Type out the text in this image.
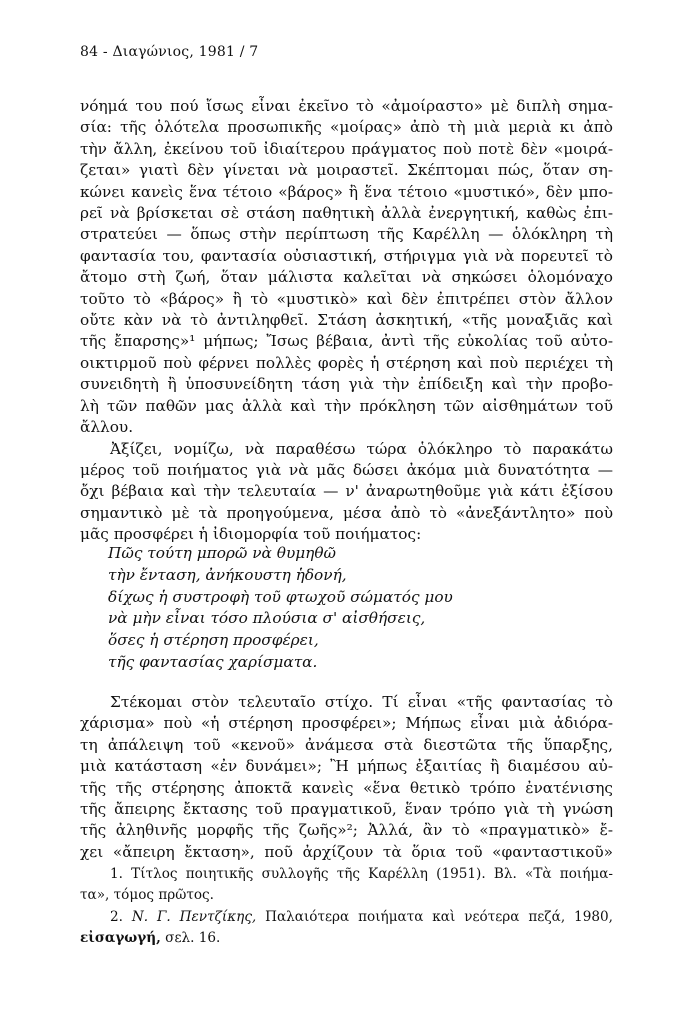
84 - Διαγώνιος, 1981 / 7
νόημά του πού ἴσως εἶναι ἐκεῖνο τὸ «ἀμοίραστο» μὲ διπλὴ σημα-
σία: τῆς ὁλότελα προσωπικῆς «μοίρας» ἀπὸ τὴ μιὰ μεριὰ κι ἀπὸ
τὴν ἄλλη, ἐκείνου τοῦ ἰδιαίτερου πράγματος ποὺ ποτὲ δὲν «μοιρά-
ζεται» γιατὶ δὲν γίνεται νὰ μοιραστεῖ. Σκέπτομαι πώς, ὅταν ση-
κώνει κανεὶς ἕνα τέτοιο «βάρος» ἢ ἕνα τέτοιο «μυστικό», δὲν μπο-
ρεῖ νὰ βρίσκεται σὲ στάση παθητικὴ ἀλλὰ ἐνεργητική, καθὼς ἐπι-
στρατεύει — ὅπως στὴν περίπτωση τῆς Καρέλλη — ὁλόκληρη τὴ
φαντασία του, φαντασία οὐσιαστική, στήριγμα γιὰ νὰ πορευτεῖ τὸ
ἄτομο στὴ ζωή, ὅταν μάλιστα καλεῖται νὰ σηκώσει ὁλομόναχο
τοῦτο τὸ «βάρος» ἢ τὸ «μυστικὸ» καὶ δὲν ἐπιτρέπει στὸν ἄλλον
οὔτε κὰν νὰ τὸ ἀντιληφθεῖ. Στάση ἀσκητική, «τῆς μοναξιᾶς καὶ
τῆς ἔπαρσης»¹ μήπως; Ἴσως βέβαια, ἀντὶ τῆς εὐκολίας τοῦ αὐτο-
οικτιρμοῦ ποὺ φέρνει πολλὲς φορὲς ἡ στέρηση καὶ ποὺ περιέχει τὴ
συνειδητὴ ἢ ὑποσυνείδητη τάση γιὰ τὴν ἐπίδειξη καὶ τὴν προβο-
λὴ τῶν παθῶν μας ἀλλὰ καὶ τὴν πρόκληση τῶν αἰσθημάτων τοῦ
ἄλλου.
Ἀξίζει, νομίζω, νὰ παραθέσω τώρα ὁλόκληρο τὸ παρακάτω
μέρος τοῦ ποιήματος γιὰ νὰ μᾶς δώσει ἀκόμα μιὰ δυνατότητα —
ὄχι βέβαια καὶ τὴν τελευταία — ν' ἀναρωτηθοῦμε γιὰ κάτι ἐξίσου
σημαντικὸ μὲ τὰ προηγούμενα, μέσα ἀπὸ τὸ «ἀνεξάντλητο» ποὺ
μᾶς προσφέρει ἡ ἰδιομορφία τοῦ ποιήματος:
Πῶς τούτη μπορῶ νὰ θυμηθῶ
τὴν ἔνταση, ἀνήκουστη ἡδονή,
δίχως ἡ συστροφὴ τοῦ φτωχοῦ σώματός μου
νὰ μὴν εἶναι τόσο πλούσια σ' αἰσθήσεις,
ὅσες ἡ στέρηση προσφέρει,
τῆς φαντασίας χαρίσματα.
Στέκομαι στὸν τελευταῖο στίχο. Τί εἶναι «τῆς φαντασίας τὸ
χάρισμα» ποὺ «ἡ στέρηση προσφέρει»; Μήπως εἶναι μιὰ ἀδιόρα-
τη ἀπάλειψη τοῦ «κενοῦ» ἀνάμεσα στὰ διεστῶτα τῆς ὕπαρξης,
μιὰ κατάσταση «ἐν δυνάμει»; Ἢ μήπως ἐξαιτίας ἢ διαμέσου αὐ-
τῆς τῆς στέρησης ἀποκτᾶ κανεὶς «ἕνα θετικὸ τρόπο ἐνατένισης
τῆς ἄπειρης ἔκτασης τοῦ πραγματικοῦ, ἕναν τρόπο γιὰ τὴ γνώση
τῆς ἀληθινῆς μορφῆς τῆς ζωῆς»²; Ἀλλά, ἂν τὸ «πραγματικὸ» ἔ-
χει «ἄπειρη ἔκταση», ποῦ ἀρχίζουν τὰ ὅρια τοῦ «φανταστικοῦ»
1. Τίτλος ποιητικῆς συλλογῆς τῆς Καρέλλη (1951). Βλ. «Τὰ ποιήμα-
τα», τόμος πρῶτος.
2. Ν. Γ. Πεντζίκης, Παλαιότερα ποιήματα καὶ νεότερα πεζά, 1980,
εἰσαγωγή, σελ. 16.
